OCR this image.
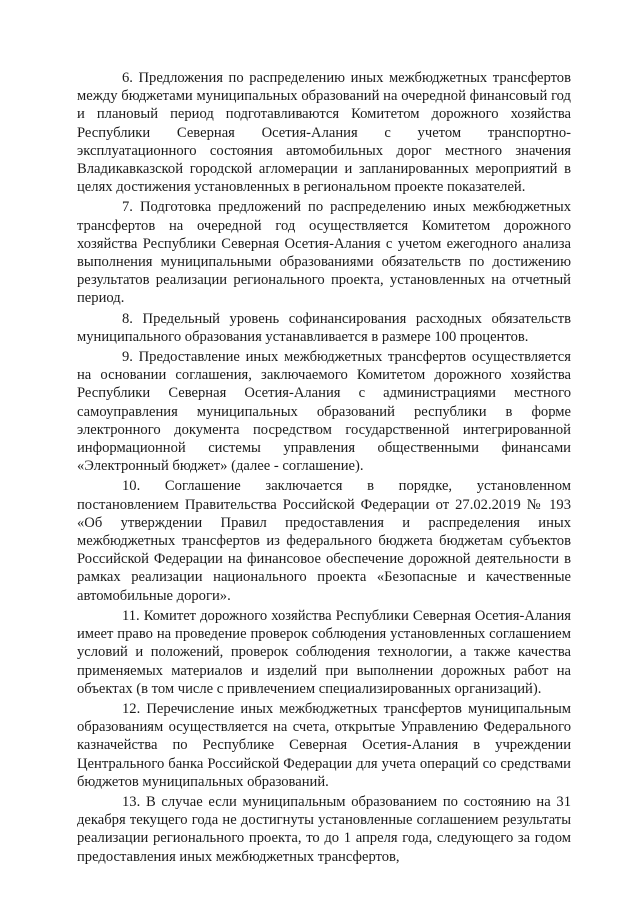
6. Предложения по распределению иных межбюджетных трансфертов между бюджетами муниципальных образований на очередной финансовый год и плановый период подготавливаются Комитетом дорожного хозяйства Республики Северная Осетия-Алания с учетом транспортно-эксплуатационного состояния автомобильных дорог местного значения Владикавказской городской агломерации и запланированных мероприятий в целях достижения установленных в региональном проекте показателей.

7. Подготовка предложений по распределению иных межбюджетных трансфертов на очередной год осуществляется Комитетом дорожного хозяйства Республики Северная Осетия-Алания с учетом ежегодного анализа выполнения муниципальными образованиями обязательств по достижению результатов реализации регионального проекта, установленных на отчетный период.

8. Предельный уровень софинансирования расходных обязательств муниципального образования устанавливается в размере 100 процентов.

9. Предоставление иных межбюджетных трансфертов осуществляется на основании соглашения, заключаемого Комитетом дорожного хозяйства Республики Северная Осетия-Алания с администрациями местного самоуправления муниципальных образований республики в форме электронного документа посредством государственной интегрированной информационной системы управления общественными финансами «Электронный бюджет» (далее - соглашение).

10. Соглашение заключается в порядке, установленном постановлением Правительства Российской Федерации от 27.02.2019 № 193 «Об утверждении Правил предоставления и распределения иных межбюджетных трансфертов из федерального бюджета бюджетам субъектов Российской Федерации на финансовое обеспечение дорожной деятельности в рамках реализации национального проекта «Безопасные и качественные автомобильные дороги».

11. Комитет дорожного хозяйства Республики Северная Осетия-Алания имеет право на проведение проверок соблюдения установленных соглашением условий и положений, проверок соблюдения технологии, а также качества применяемых материалов и изделий при выполнении дорожных работ на объектах (в том числе с привлечением специализированных организаций).

12. Перечисление иных межбюджетных трансфертов муниципальным образованиям осуществляется на счета, открытые Управлению Федерального казначейства по Республике Северная Осетия-Алания в учреждении Центрального банка Российской Федерации для учета операций со средствами бюджетов муниципальных образований.

13. В случае если муниципальным образованием по состоянию на 31 декабря текущего года не достигнуты установленные соглашением результаты реализации регионального проекта, то до 1 апреля года, следующего за годом предоставления иных межбюджетных трансфертов,
